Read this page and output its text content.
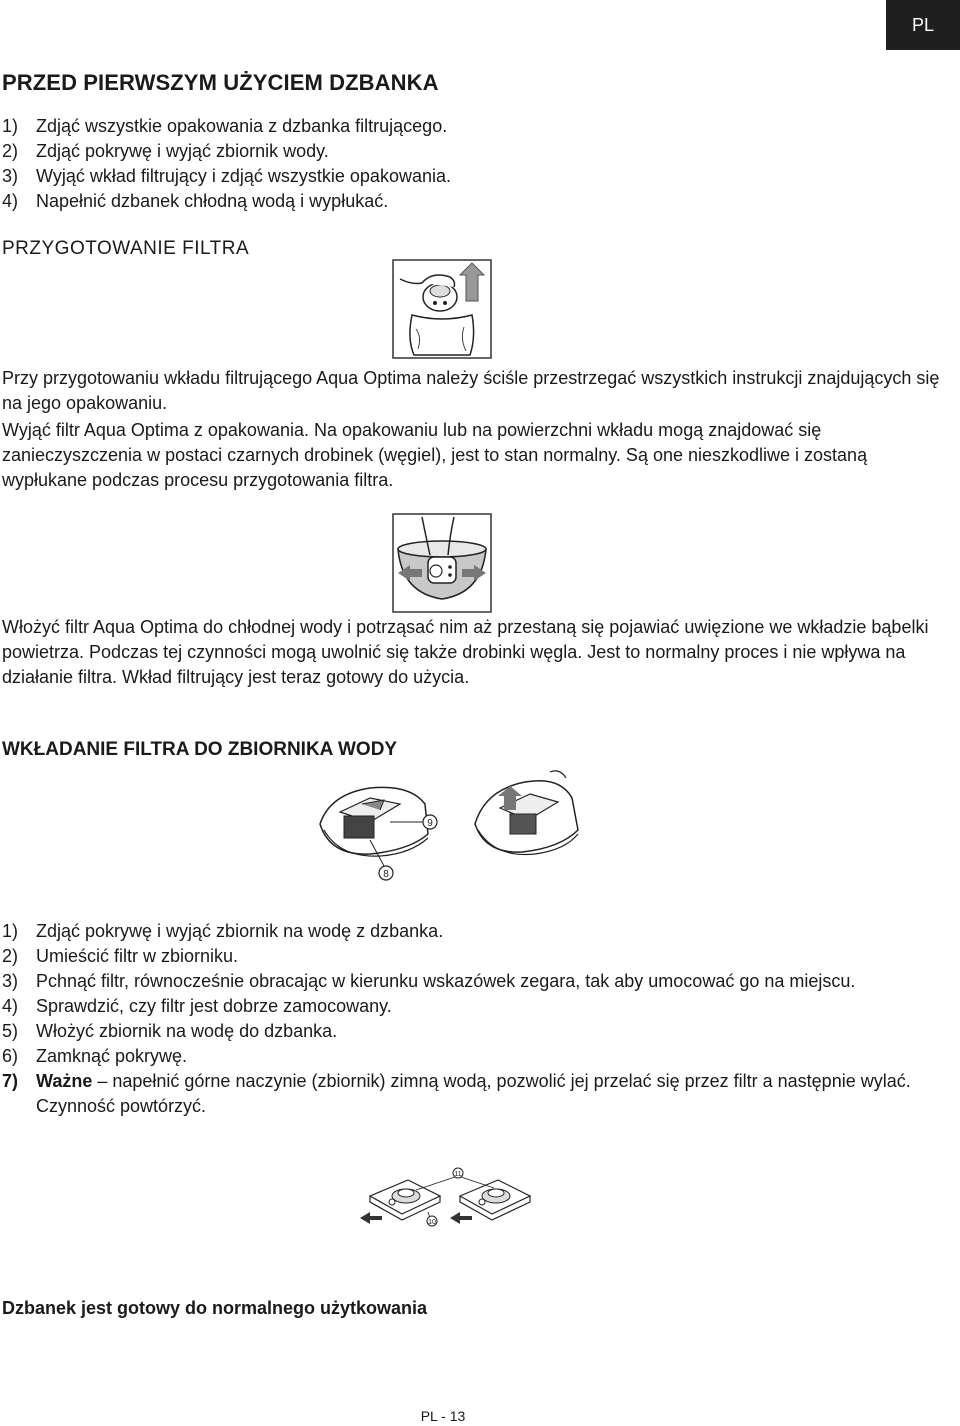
PL
PRZED PIERWSZYM UŻYCIEM DZBANKA
1) Zdjąć wszystkie opakowania z dzbanka filtrującego.
2) Zdjąć pokrywę i wyjąć zbiornik wody.
3) Wyjąć wkład filtrujący i zdjąć wszystkie opakowania.
4) Napełnić dzbanek chłodną wodą i wypłukać.
PRZYGOTOWANIE FILTRA
Przy przygotowaniu wkładu filtrującego Aqua Optima należy ściśle przestrzegać wszystkich instrukcji znajdujących się na jego opakowaniu.
Wyjąć filtr Aqua Optima z opakowania. Na opakowaniu lub na powierzchni wkładu mogą znajdować się zanieczyszczenia w postaci czarnych drobinek (węgiel), jest to stan normalny. Są one nieszkodliwe i zostaną wypłukane podczas procesu przygotowania filtra.
Włożyć filtr Aqua Optima do chłodnej wody i potrząsać nim aż przestaną się pojawiać uwięzione we wkładzie bąbelki powietrza. Podczas tej czynności mogą uwolnić się także drobinki węgla. Jest to normalny proces i nie wpływa na działanie filtra. Wkład filtrujący jest teraz gotowy do użycia.
WKŁADANIE FILTRA DO ZBIORNIKA WODY
9
8
1) Zdjąć pokrywę i wyjąć zbiornik na wodę z dzbanka.
2) Umieścić filtr w zbiorniku.
3) Pchnąć filtr, równocześnie obracając w kierunku wskazówek zegara, tak aby umocować go na miejscu.
4) Sprawdzić, czy filtr jest dobrze zamocowany.
5) Włożyć zbiornik na wodę do dzbanka.
6) Zamknąć pokrywę.
7) Ważne – napełnić górne naczynie (zbiornik) zimną wodą, pozwolić jej przelać się przez filtr a następnie wylać. Czynność powtórzyć.
11
10
Dzbanek jest gotowy do normalnego użytkowania
PL - 13
